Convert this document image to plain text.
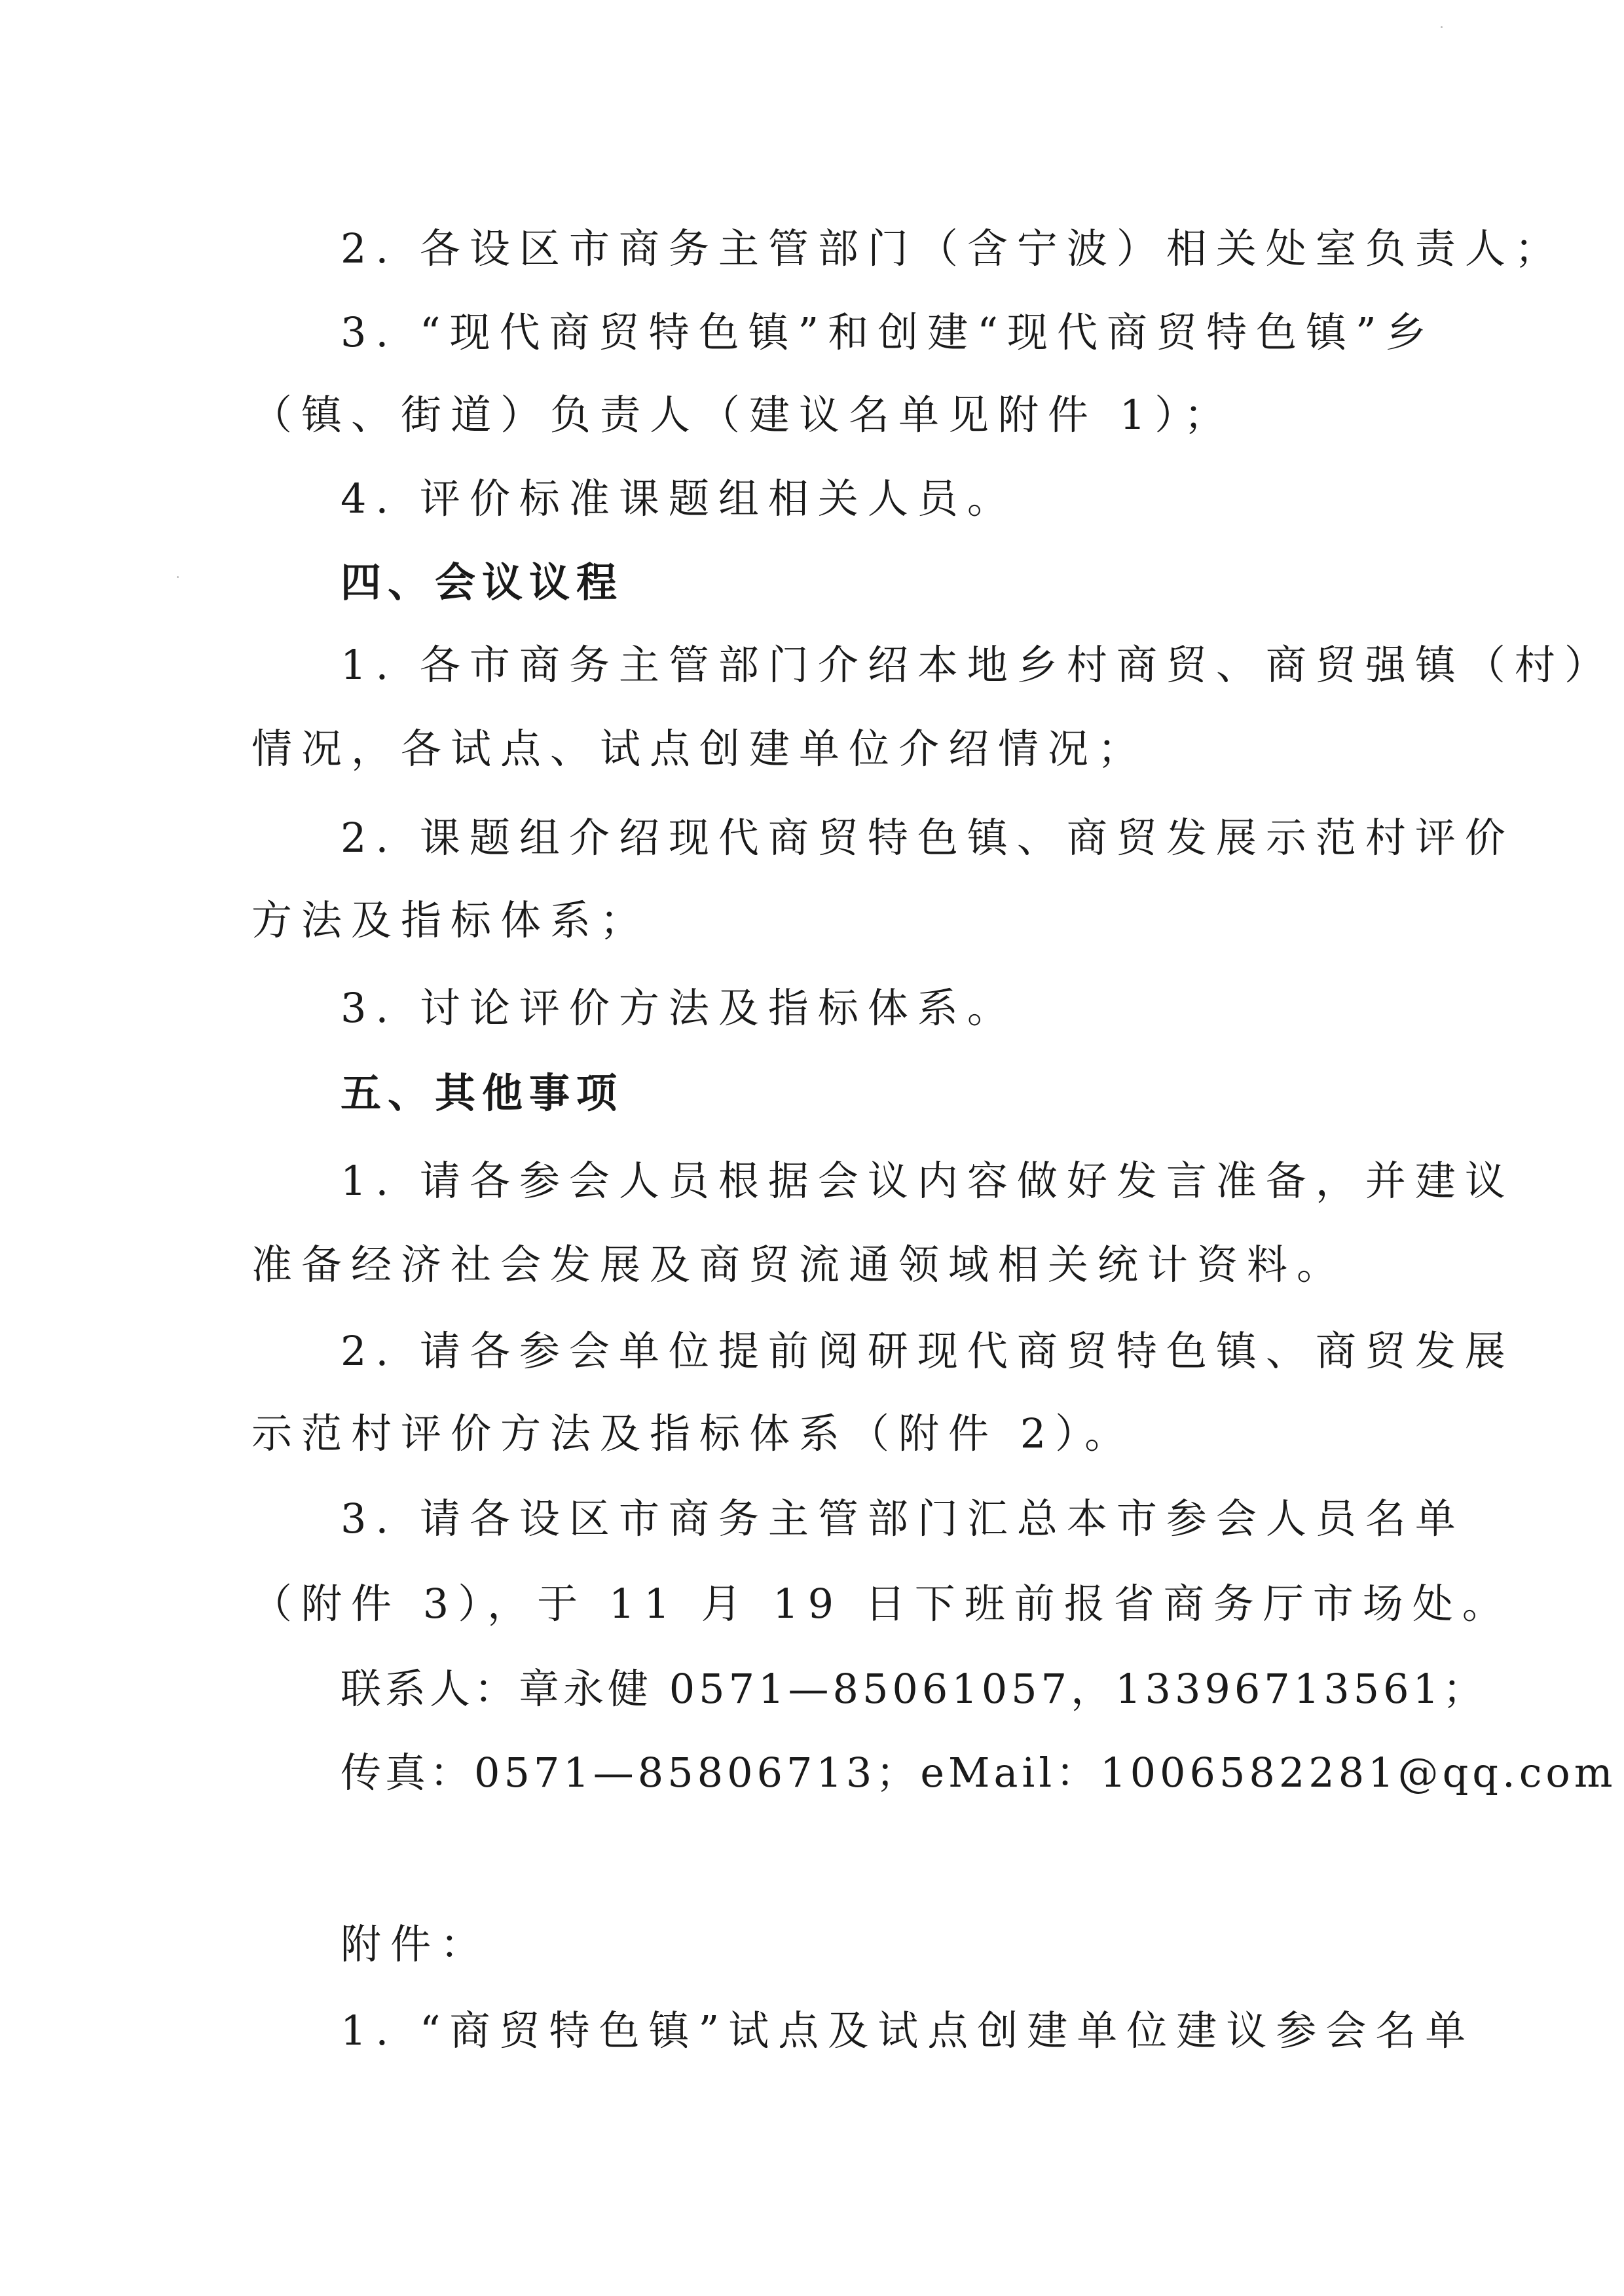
2. 各设区市商务主管部门（含宁波）相关处室负责人；
3. “现代商贸特色镇”和创建“现代商贸特色镇”乡
（镇、街道）负责人（建议名单见附件 1）；
4. 评价标准课题组相关人员。
四、会议议程
1. 各市商务主管部门介绍本地乡村商贸、商贸强镇（村）
情况，各试点、试点创建单位介绍情况；
2. 课题组介绍现代商贸特色镇、商贸发展示范村评价
方法及指标体系；
3. 讨论评价方法及指标体系。
五、其他事项
1. 请各参会人员根据会议内容做好发言准备，并建议
准备经济社会发展及商贸流通领域相关统计资料。
2. 请各参会单位提前阅研现代商贸特色镇、商贸发展
示范村评价方法及指标体系（附件 2）。
3. 请各设区市商务主管部门汇总本市参会人员名单
（附件 3），于 11 月 19 日下班前报省商务厅市场处。
联系人：章永健 0571—85061057，13396713561；
传真：0571—85806713；eMail：1006582281@qq.com
附件：
1. “商贸特色镇”试点及试点创建单位建议参会名单
